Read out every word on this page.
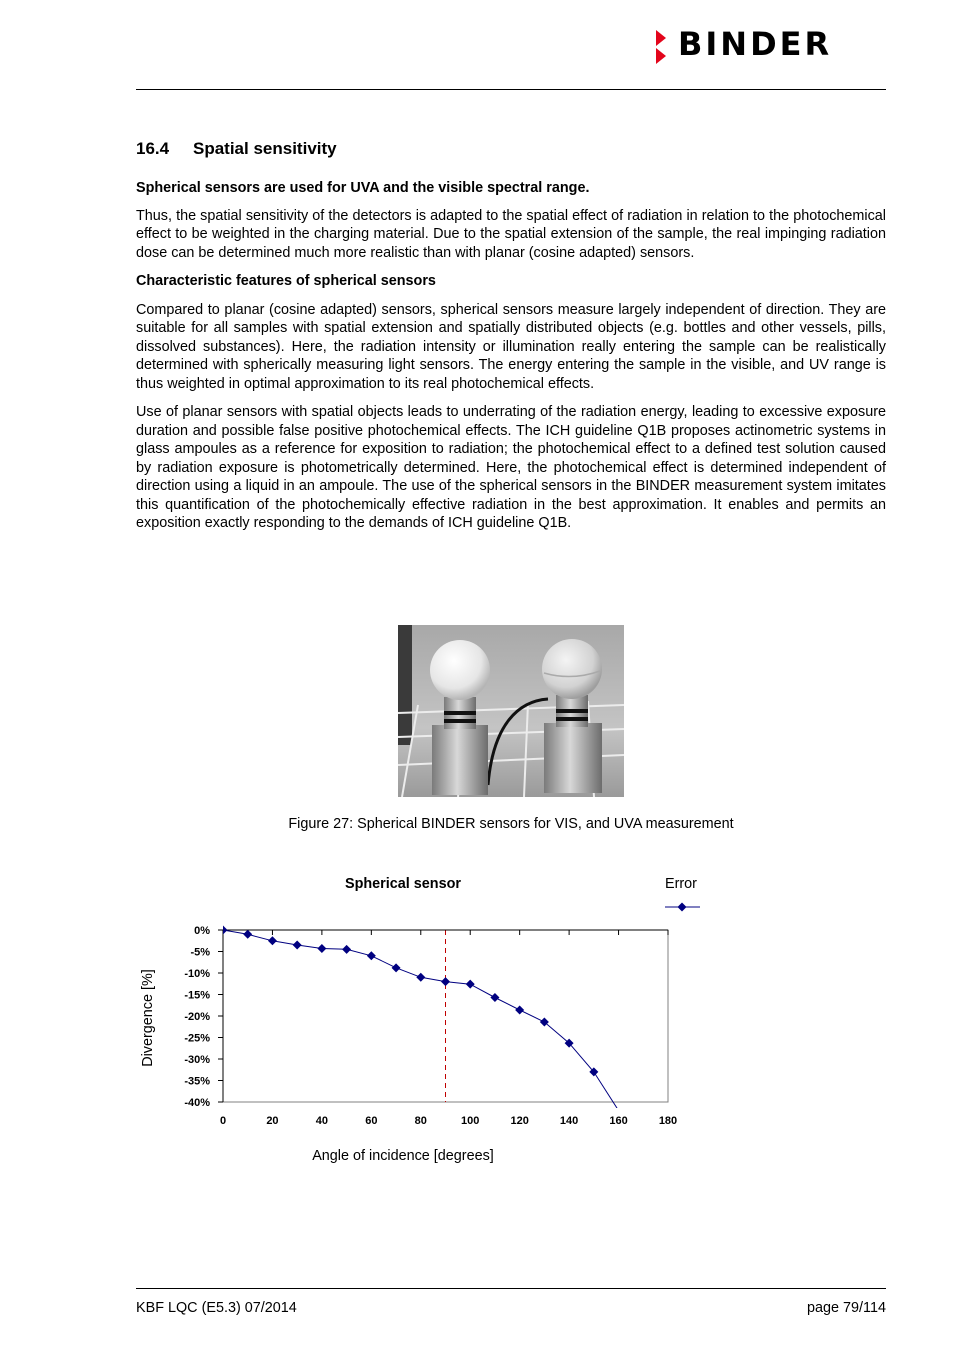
BINDER
16.4 Spatial sensitivity

Spherical sensors are used for UVA and the visible spectral range.

Thus, the spatial sensitivity of the detectors is adapted to the spatial effect of radiation in relation to the photochemical effect to be weighted in the charging material. Due to the spatial extension of the sample, the real impinging radiation dose can be determined much more realistic than with planar (cosine adapted) sensors.

Characteristic features of spherical sensors

Compared to planar (cosine adapted) sensors, spherical sensors measure largely independent of direction. They are suitable for all samples with spatial extension and spatially distributed objects (e.g. bottles and other vessels, pills, dissolved substances). Here, the radiation intensity or illumination really entering the sample can be realistically determined with spherically measuring light sensors. The energy entering the sample in the visible, and UV range is thus weighted in optimal approximation to its real photochemical effects.

Use of planar sensors with spatial objects leads to underrating of the radiation energy, leading to excessive exposure duration and possible false positive photochemical effects. The ICH guideline Q1B proposes actinometric systems in glass ampoules as a reference for exposition to radiation; the photochemical effect to a defined test solution caused by radiation exposure is photometrically determined. Here, the photochemical effect is determined independent of direction using a liquid in an ampoule. The use of the spherical sensors in the BINDER measurement system imitates this quantification of the photochemically effective radiation in the best approximation. It enables and permits an exposition exactly responding to the demands of ICH guideline Q1B.

Figure 27: Spherical BINDER sensors for VIS, and UVA measurement
Spherical sensor	Error
0%
-5%
-10%
-15%
-20%
-25%
-30%
-35%
-40%
0	20	40	60	80	100	120	140	160	180
Divergence [%]
Angle of incidence [degrees]
KBF LQC (E5.3) 07/2014	page 79/114
